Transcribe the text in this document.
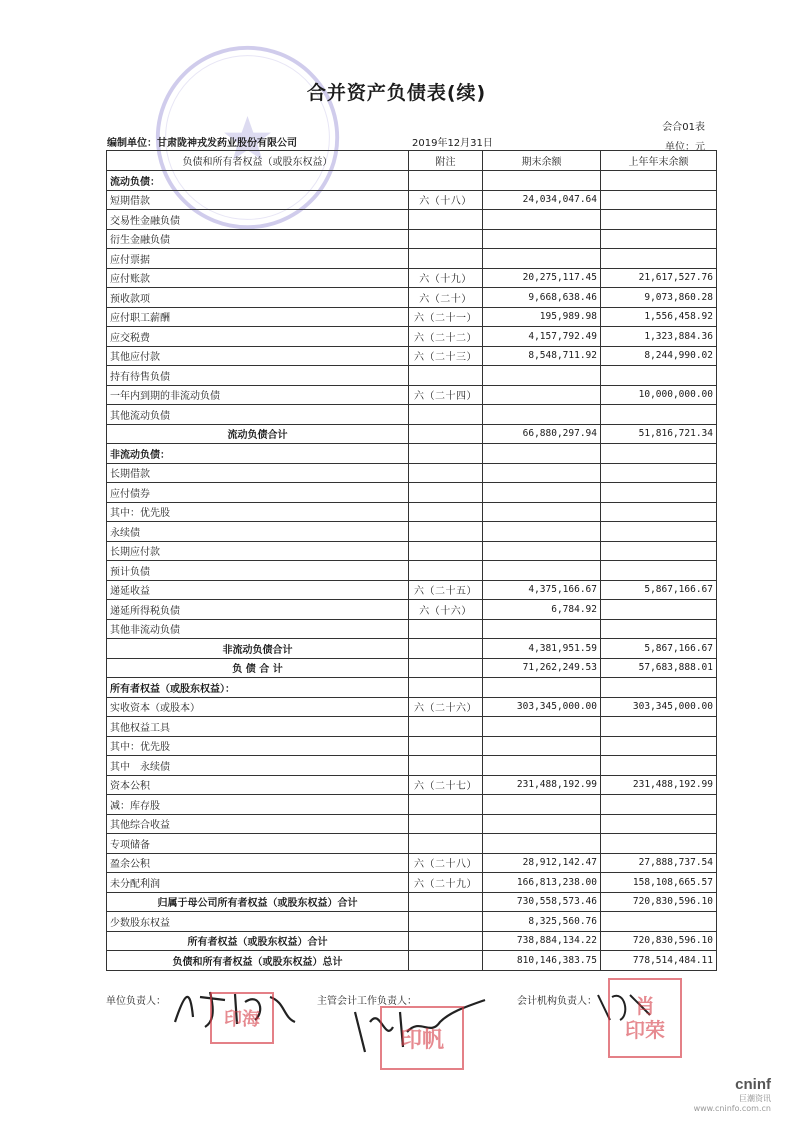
合并资产负债表(续)
会合01表
编制单位：甘肃陇神戎发药业股份有限公司	2019年12月31日	单位：元
负债和所有者权益（或股东权益）	附注	期末余额	上年年末余额
流动负债：			
短期借款	六（十八）	24,034,047.64	
交易性金融负债			
衍生金融负债			
应付票据			
应付账款	六（十九）	20,275,117.45	21,617,527.76
预收款项	六（二十）	9,668,638.46	9,073,860.28
应付职工薪酬	六（二十一）	195,989.98	1,556,458.92
应交税费	六（二十二）	4,157,792.49	1,323,884.36
其他应付款	六（二十三）	8,548,711.92	8,244,990.02
持有待售负债			
一年内到期的非流动负债	六（二十四）		10,000,000.00
其他流动负债			
流动负债合计		66,880,297.94	51,816,721.34
非流动负债：			
长期借款			
应付债券			
其中：优先股			
永续债			
长期应付款			
预计负债			
递延收益	六（二十五）	4,375,166.67	5,867,166.67
递延所得税负债	六（十六）	6,784.92	
其他非流动负债			
非流动负债合计		4,381,951.59	5,867,166.67
负 债 合 计		71,262,249.53	57,683,888.01
所有者权益（或股东权益）：			
实收资本（或股本）	六（二十六）	303,345,000.00	303,345,000.00
其他权益工具			
其中：优先股			
其中　永续债			
资本公积	六（二十七）	231,488,192.99	231,488,192.99
减：库存股			
其他综合收益			
专项储备			
盈余公积	六（二十八）	28,912,142.47	27,888,737.54
未分配利润	六（二十九）	166,813,238.00	158,108,665.57
归属于母公司所有者权益（或股东权益）合计		730,558,573.46	720,830,596.10
少数股东权益		8,325,560.76	
所有者权益（或股东权益）合计		738,884,134.22	720,830,596.10
负债和所有者权益（或股东权益）总计		810,146,383.75	778,514,484.11
单位负责人：	主管会计工作负责人：	会计机构负责人：
印海
印帆
肖
印荣
cninf
巨潮资讯
www.cninfo.com.cn
